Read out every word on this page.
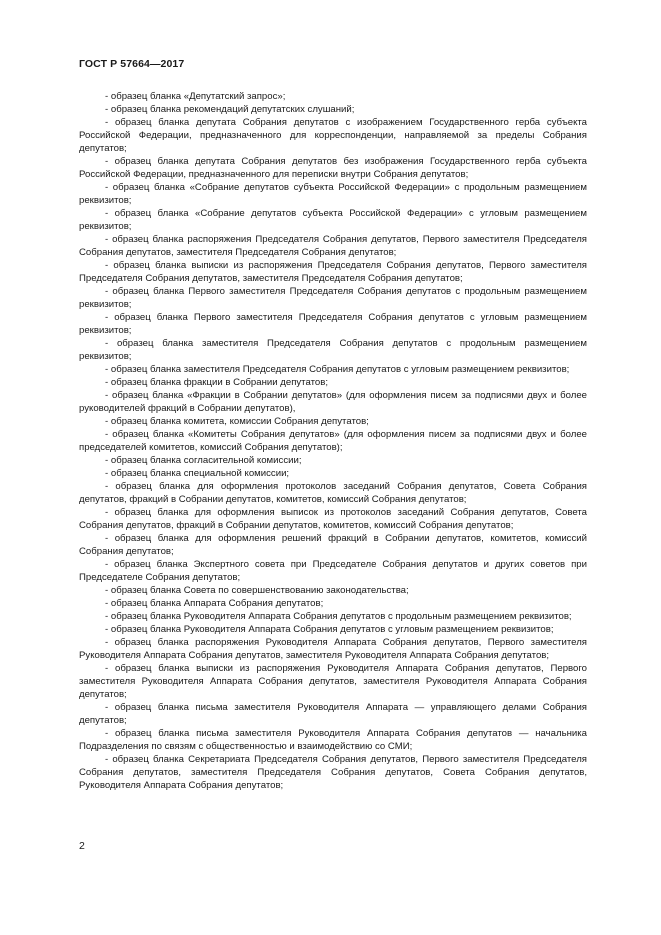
ГОСТ Р 57664—2017

- образец бланка «Депутатский запрос»;

- образец бланка рекомендаций депутатских слушаний;

- образец бланка депутата Собрания депутатов с изображением Государственного герба субъекта Российской Федерации, предназначенного для корреспонденции, направляемой за пределы Собрания депутатов;

- образец бланка депутата Собрания депутатов без изображения Государственного герба субъекта Российской Федерации, предназначенного для переписки внутри Собрания депутатов;

- образец бланка «Собрание депутатов субъекта Российской Федерации» с продольным размещением реквизитов;

- образец бланка «Собрание депутатов субъекта Российской Федерации» с угловым размещением реквизитов;

- образец бланка распоряжения Председателя Собрания депутатов, Первого заместителя Председателя Собрания депутатов, заместителя Председателя Собрания депутатов;

- образец бланка выписки из распоряжения Председателя Собрания депутатов, Первого заместителя Председателя Собрания депутатов, заместителя Председателя Собрания депутатов;

- образец бланка Первого заместителя Председателя Собрания депутатов с продольным размещением реквизитов;

- образец бланка Первого заместителя Председателя Собрания депутатов с угловым размещением реквизитов;

- образец бланка заместителя Председателя Собрания депутатов с продольным размещением реквизитов;

- образец бланка заместителя Председателя Собрания депутатов с угловым размещением реквизитов;

- образец бланка фракции в Собрании депутатов;

- образец бланка «Фракции в Собрании депутатов» (для оформления писем за подписями двух и более руководителей фракций в Собрании депутатов),

- образец бланка комитета, комиссии Собрания депутатов;

- образец бланка «Комитеты Собрания депутатов» (для оформления писем за подписями двух и более председателей комитетов, комиссий Собрания депутатов);

- образец бланка согласительной комиссии;

- образец бланка специальной комиссии;

- образец бланка для оформления протоколов заседаний Собрания депутатов, Совета Собрания депутатов, фракций в Собрании депутатов, комитетов, комиссий Собрания депутатов;

- образец бланка для оформления выписок из протоколов заседаний Собрания депутатов, Совета Собрания депутатов, фракций в Собрании депутатов, комитетов, комиссий Собрания депутатов;

- образец бланка для оформления решений фракций в Собрании депутатов, комитетов, комиссий Собрания депутатов;

- образец бланка Экспертного совета при Председателе Собрания депутатов и других советов при Председателе Собрания депутатов;

- образец бланка Совета по совершенствованию законодательства;

- образец бланка Аппарата Собрания депутатов;

- образец бланка Руководителя Аппарата Собрания депутатов с продольным размещением реквизитов;

- образец бланка Руководителя Аппарата Собрания депутатов с угловым размещением реквизитов;

- образец бланка распоряжения Руководителя Аппарата Собрания депутатов, Первого заместителя Руководителя Аппарата Собрания депутатов, заместителя Руководителя Аппарата Собрания депутатов;

- образец бланка выписки из распоряжения Руководителя Аппарата Собрания депутатов, Первого заместителя Руководителя Аппарата Собрания депутатов, заместителя Руководителя Аппарата Собрания депутатов;

- образец бланка письма заместителя Руководителя Аппарата — управляющего делами Собрания депутатов;

- образец бланка письма заместителя Руководителя Аппарата Собрания депутатов — начальника Подразделения по связям с общественностью и взаимодействию со СМИ;

- образец бланка Секретариата Председателя Собрания депутатов, Первого заместителя Председателя Собрания депутатов, заместителя Председателя Собрания депутатов, Совета Собрания депутатов, Руководителя Аппарата Собрания депутатов;

2
